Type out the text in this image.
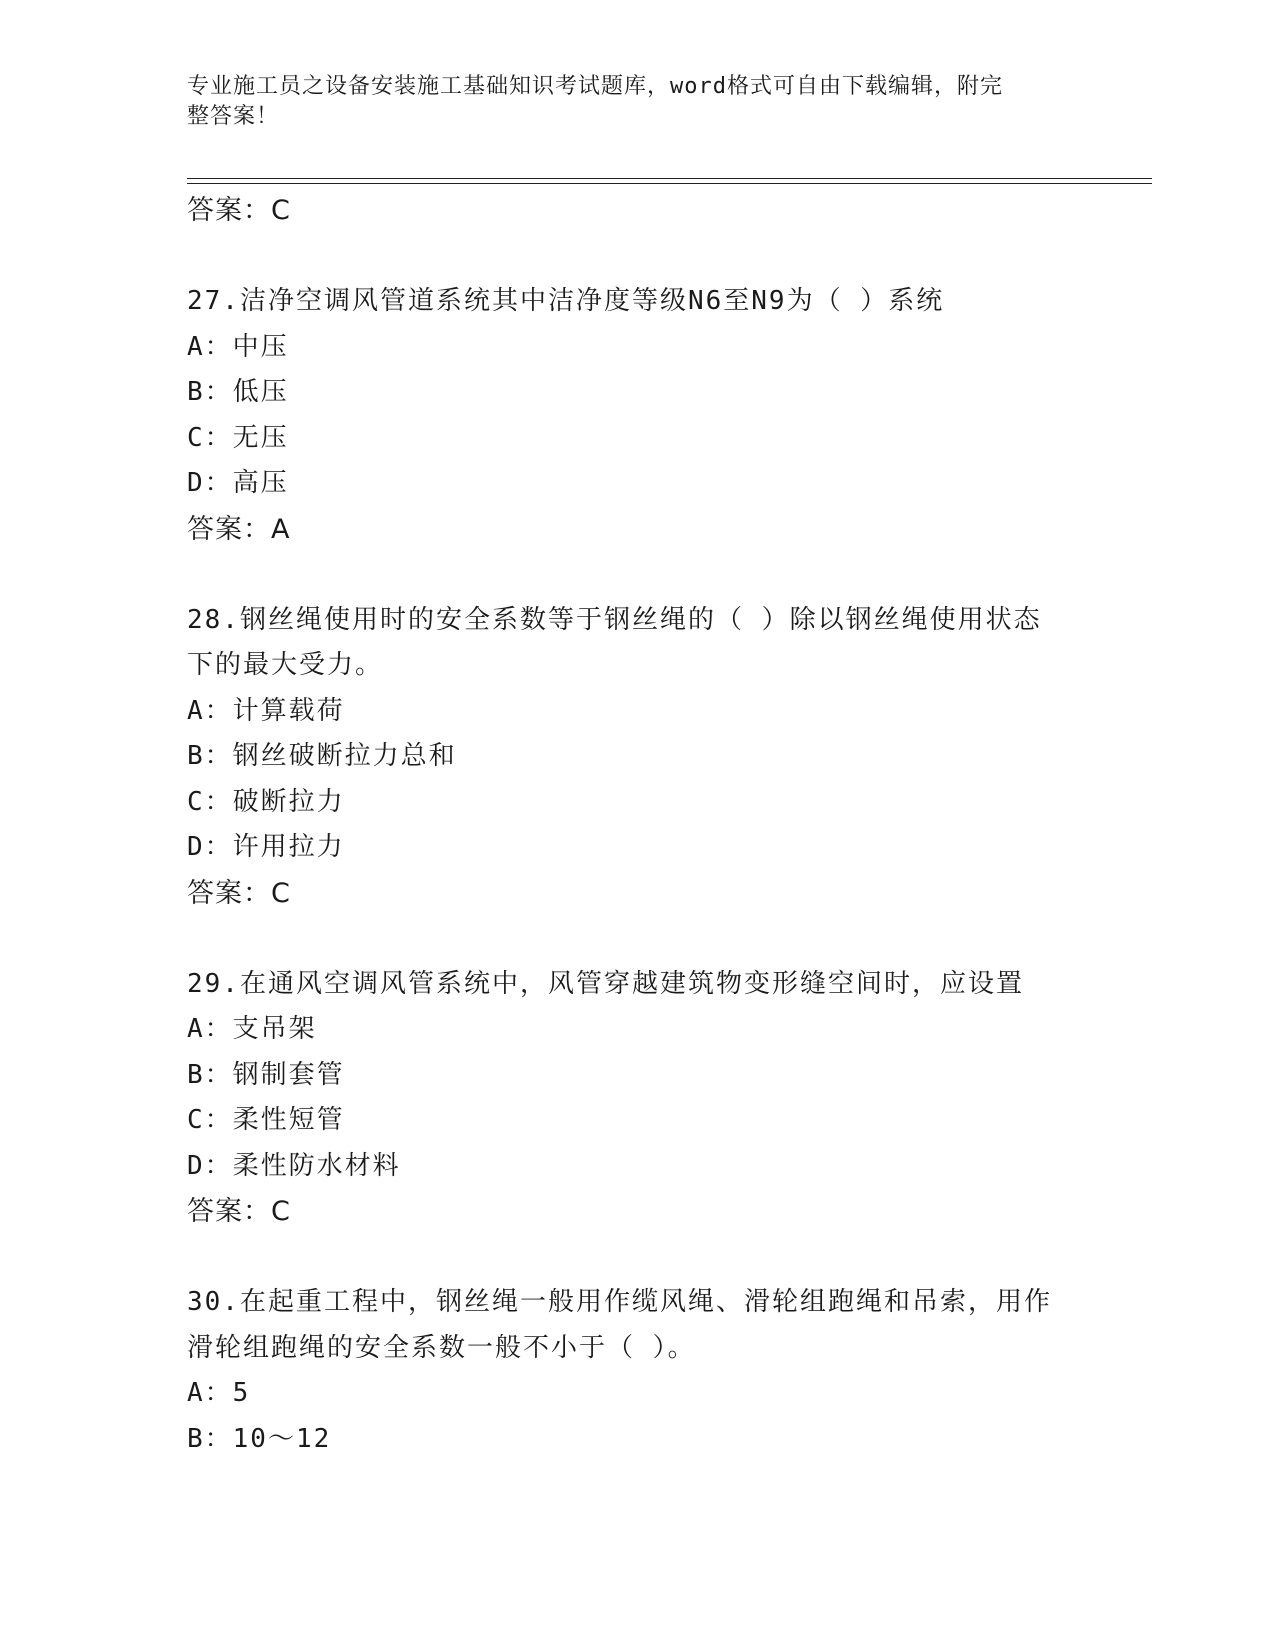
专业施工员之设备安装施工基础知识考试题库，word格式可自由下载编辑，附完
整答案！
答案：C
27.洁净空调风管道系统其中洁净度等级N6至N9为（ ）系统
A：中压
B：低压
C：无压
D：高压
答案：A
28.钢丝绳使用时的安全系数等于钢丝绳的（ ）除以钢丝绳使用状态
下的最大受力。
A：计算载荷
B：钢丝破断拉力总和
C：破断拉力
D：许用拉力
答案：C
29.在通风空调风管系统中，风管穿越建筑物变形缝空间时，应设置
A：支吊架
B：钢制套管
C：柔性短管
D：柔性防水材料
答案：C
30.在起重工程中，钢丝绳一般用作缆风绳、滑轮组跑绳和吊索，用作
滑轮组跑绳的安全系数一般不小于（ ）。
A：5
B：10～12
